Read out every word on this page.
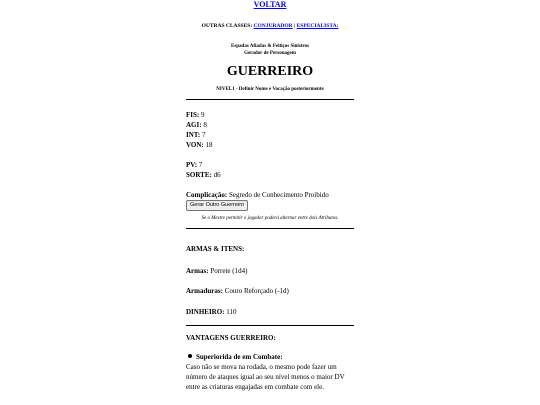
VOLTAR
OUTRAS CLASSES: CONJURADOR | ESPECIALISTA:
Espadas Afiadas & Feitiços Sinistros
Gerador de Personagem
GUERREIRO
NIVEL1 - Definir Nome e Vocação posteriormente
FIS: 9
AGI: 8
INT: 7
VON: 18
PV: 7
SORTE: d6
Complicação: Segredo de Conhecimento Proibido
Gerar Outro Guerreiro
Se o Mestre permitir o jogador poderá alternar entre dois Atributos.
ARMAS & ITENS:
Armas: Porrete (1d4)
Armaduras: Couro Reforçado (-1d)
DINHEIRO: 110
VANTAGENS GUERREIRO:
Superiorida de em Combate:
Caso não se mova na rodada, o mesmo pode fazer um número de ataques igual ao seu nível menos o maior DV entre as criaturas engajadas em combate com ele.
